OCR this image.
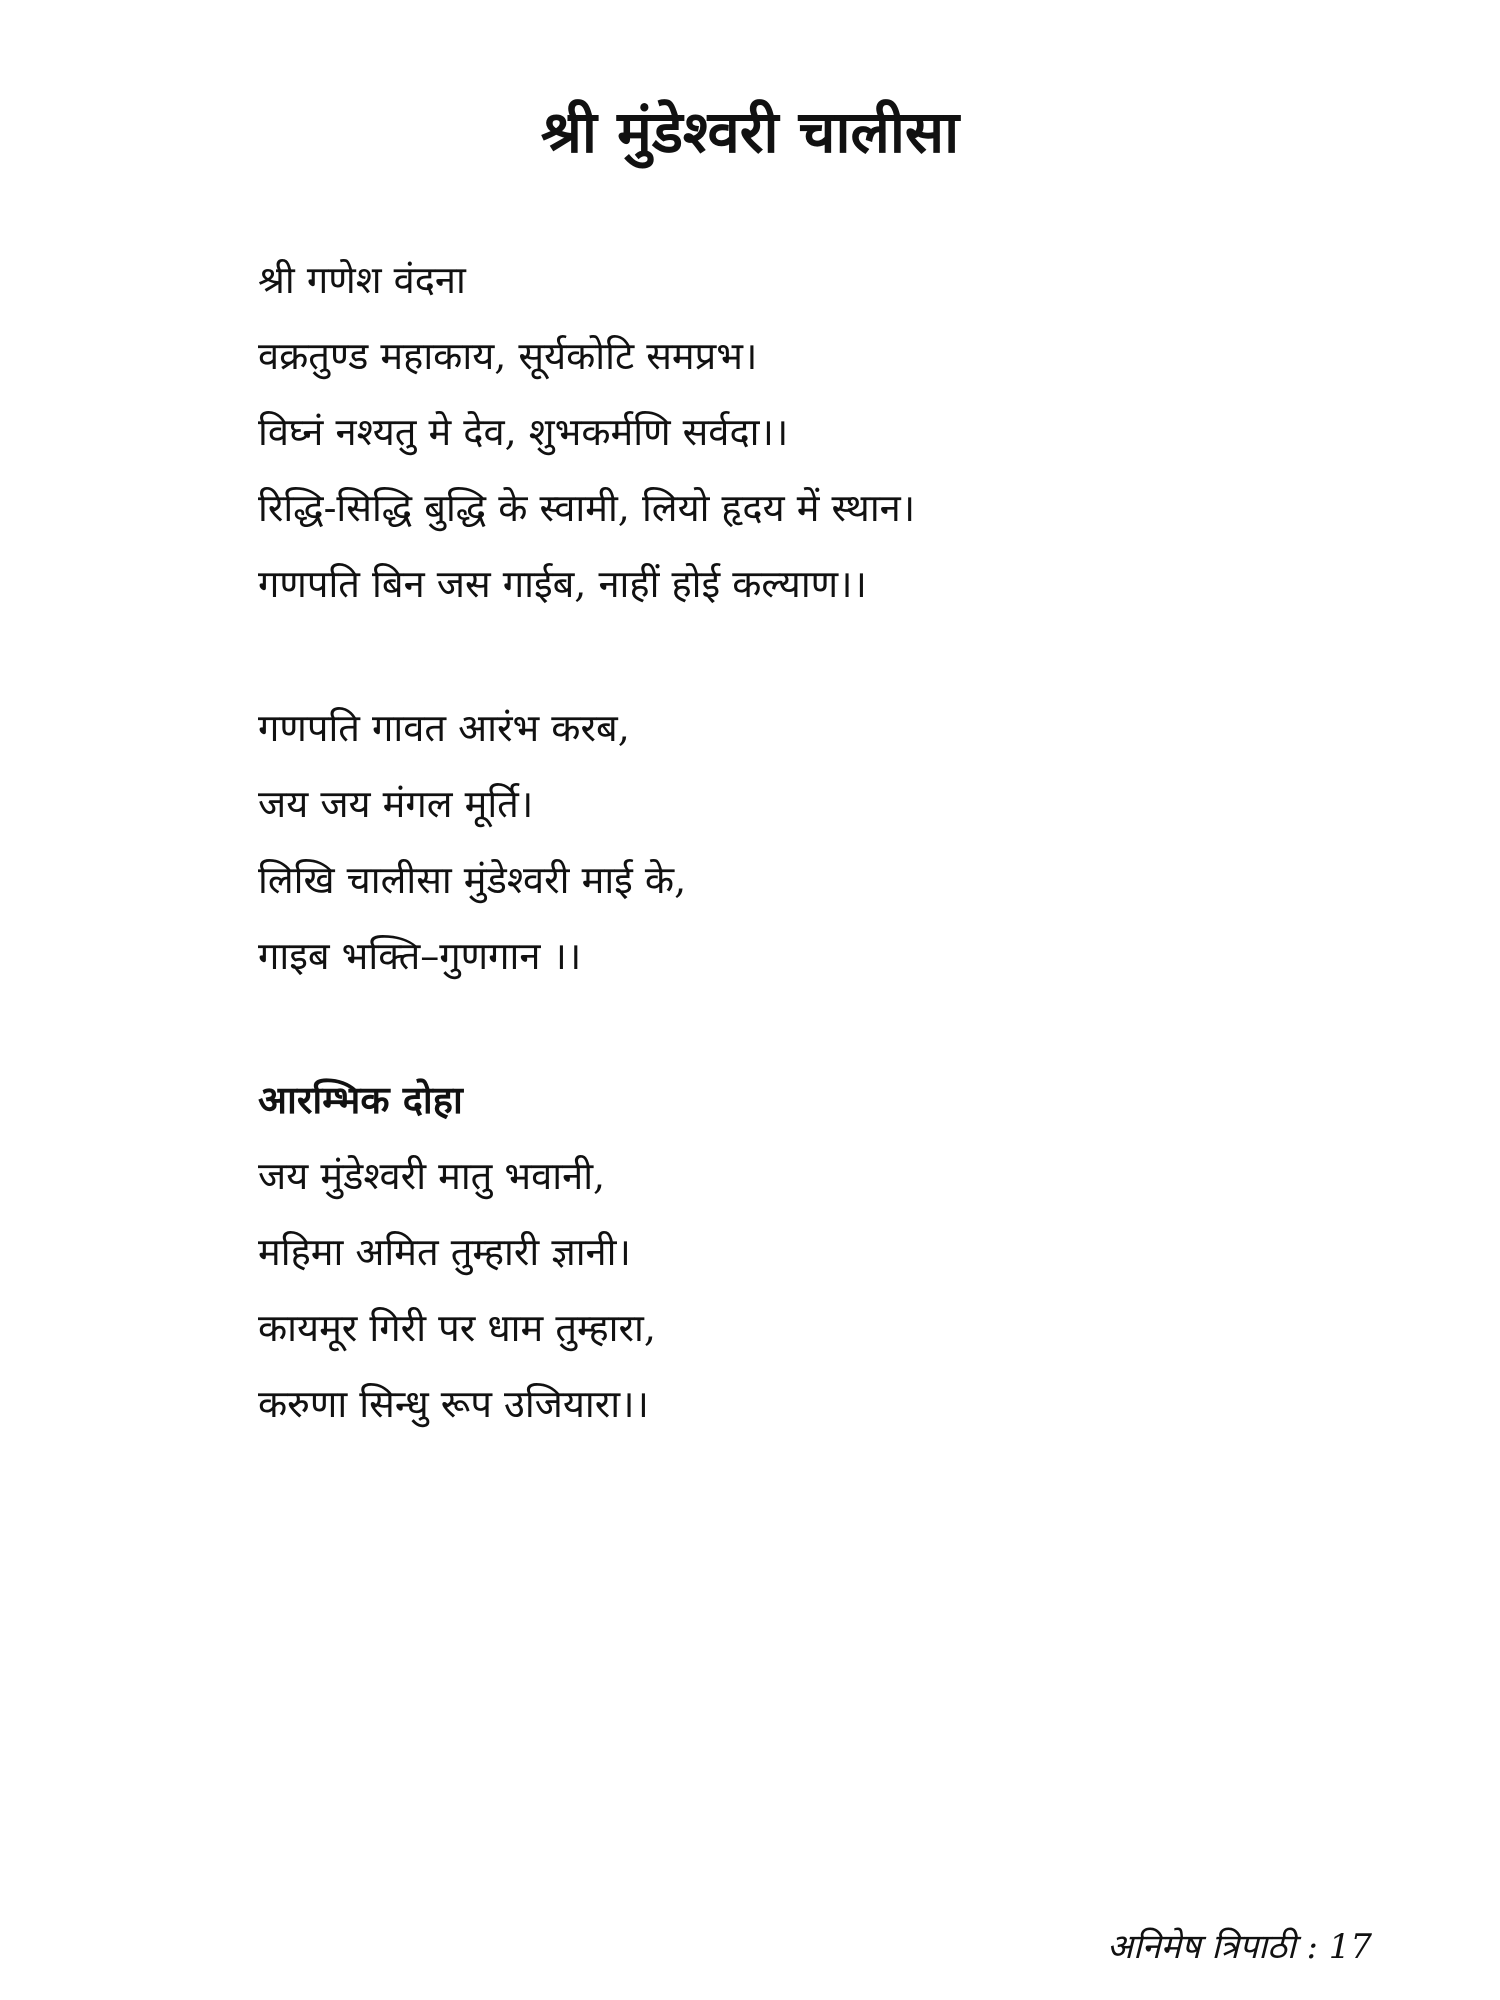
श्री मुंडेश्वरी चालीसा
श्री गणेश वंदना
वक्रतुण्ड महाकाय, सूर्यकोटि समप्रभ।
विघ्नं नश्यतु मे देव, शुभकर्मणि सर्वदा।।
रिद्धि-सिद्धि बुद्धि के स्वामी, लियो हृदय में स्थान।
गणपति बिन जस गाईब, नाहीं होई कल्याण।।
गणपति गावत आरंभ करब,
जय जय मंगल मूर्ति।
लिखि चालीसा मुंडेश्वरी माई के,
गाइब भक्ति–गुणगान ।।
आरम्भिक दोहा
जय मुंडेश्वरी मातु भवानी,
महिमा अमित तुम्हारी ज्ञानी।
कायमूर गिरी पर धाम तुम्हारा,
करुणा सिन्धु रूप उजियारा।।
अनिमेष त्रिपाठी : 17
